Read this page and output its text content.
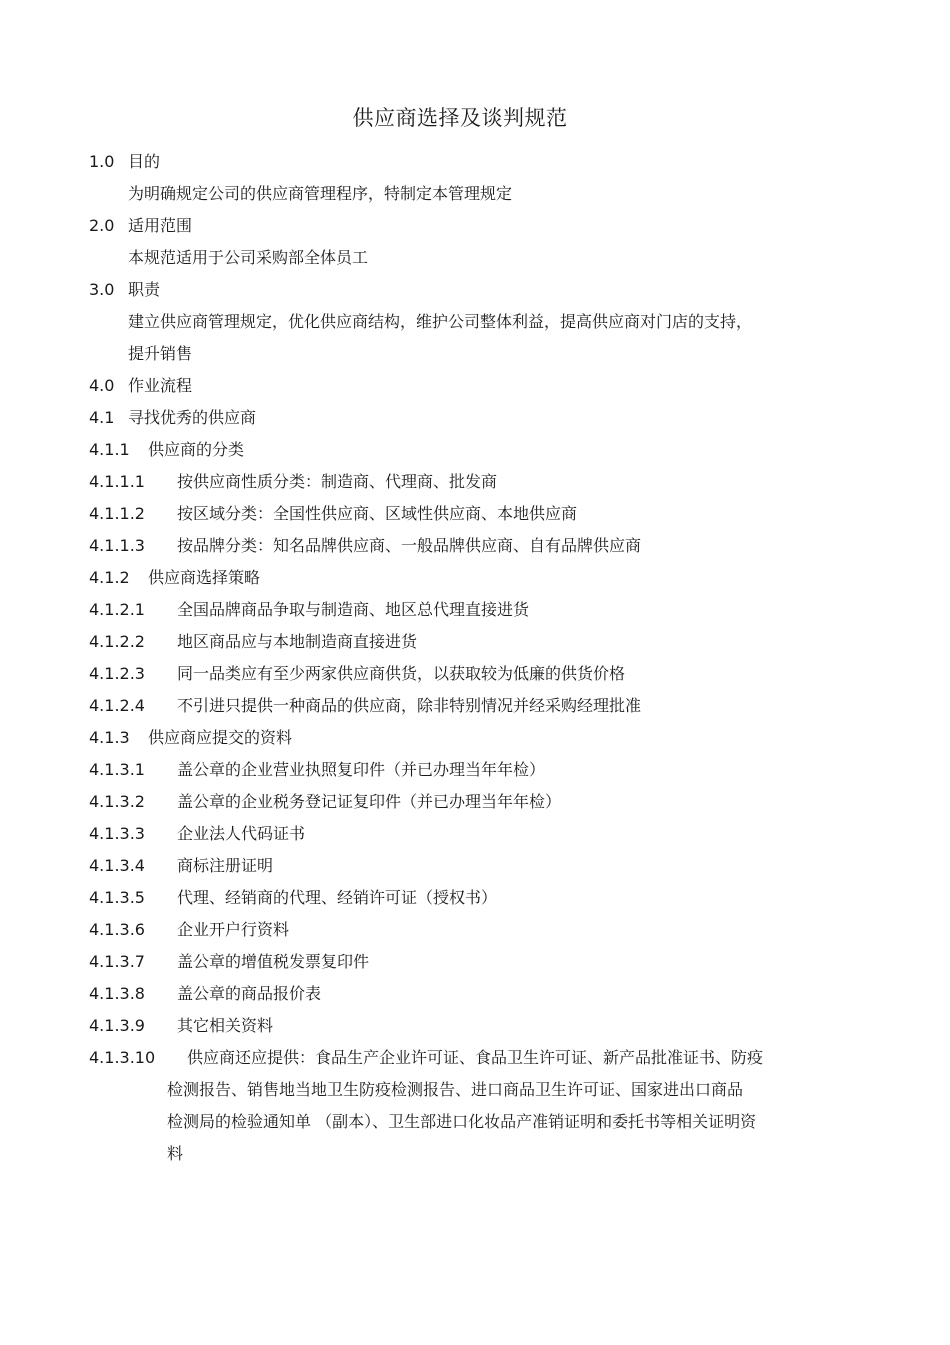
供应商选择及谈判规范
1.0 目的
为明确规定公司的供应商管理程序，特制定本管理规定
2.0 适用范围
本规范适用于公司采购部全体员工
3.0 职责
建立供应商管理规定，优化供应商结构，维护公司整体利益，提高供应商对门店的支持，
提升销售
4.0 作业流程
4.1 寻找优秀的供应商
4.1.1 供应商的分类
4.1.1.1 按供应商性质分类：制造商、代理商、批发商
4.1.1.2 按区域分类：全国性供应商、区域性供应商、本地供应商
4.1.1.3 按品牌分类：知名品牌供应商、一般品牌供应商、自有品牌供应商
4.1.2 供应商选择策略
4.1.2.1 全国品牌商品争取与制造商、地区总代理直接进货
4.1.2.2 地区商品应与本地制造商直接进货
4.1.2.3 同一品类应有至少两家供应商供货，以获取较为低廉的供货价格
4.1.2.4 不引进只提供一种商品的供应商，除非特别情况并经采购经理批准
4.1.3 供应商应提交的资料
4.1.3.1 盖公章的企业营业执照复印件（并已办理当年年检）
4.1.3.2 盖公章的企业税务登记证复印件（并已办理当年年检）
4.1.3.3 企业法人代码证书
4.1.3.4 商标注册证明
4.1.3.5 代理、经销商的代理、经销许可证（授权书）
4.1.3.6 企业开户行资料
4.1.3.7 盖公章的增值税发票复印件
4.1.3.8 盖公章的商品报价表
4.1.3.9 其它相关资料
4.1.3.10	供应商还应提供：食品生产企业许可证、食品卫生许可证、新产品批准证书、防疫
检测报告、销售地当地卫生防疫检测报告、进口商品卫生许可证、国家进出口商品
检测局的检验通知单 （副本）、卫生部进口化妆品产准销证明和委托书等相关证明资
料
